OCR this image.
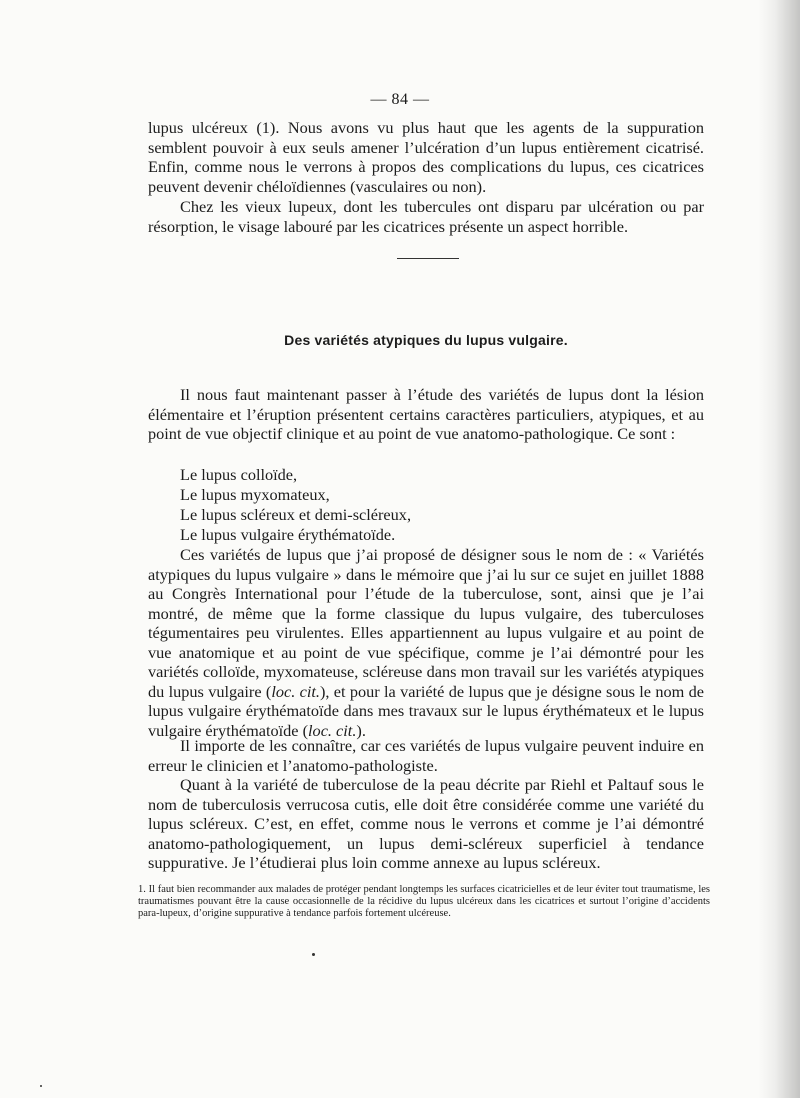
— 84 —

lupus ulcéreux (1). Nous avons vu plus haut que les agents de la suppuration semblent pouvoir à eux seuls amener l’ulcération d’un lupus entièrement cicatrisé. Enfin, comme nous le verrons à propos des complications du lupus, ces cicatrices peuvent devenir chéloïdiennes (vasculaires ou non).

Chez les vieux lupeux, dont les tubercules ont disparu par ulcération ou par résorption, le visage labouré par les cicatrices présente un aspect horrible.

Des variétés atypiques du lupus vulgaire.

Il nous faut maintenant passer à l’étude des variétés de lupus dont la lésion élémentaire et l’éruption présentent certains caractères particuliers, atypiques, et au point de vue objectif clinique et au point de vue anatomo-pathologique. Ce sont :

Le lupus colloïde,
Le lupus myxomateux,
Le lupus scléreux et demi-scléreux,
Le lupus vulgaire érythématoïde.

Ces variétés de lupus que j’ai proposé de désigner sous le nom de : « Variétés atypiques du lupus vulgaire » dans le mémoire que j’ai lu sur ce sujet en juillet 1888 au Congrès International pour l’étude de la tuberculose, sont, ainsi que je l’ai montré, de même que la forme classique du lupus vulgaire, des tuberculoses tégumentaires peu virulentes. Elles appartiennent au lupus vulgaire et au point de vue anatomique et au point de vue spécifique, comme je l’ai démontré pour les variétés colloïde, myxomateuse, scléreuse dans mon travail sur les variétés atypiques du lupus vulgaire (loc. cit.), et pour la variété de lupus que je désigne sous le nom de lupus vulgaire érythématoïde dans mes travaux sur le lupus érythémateux et le lupus vulgaire érythématoïde (loc. cit.).

Il importe de les connaître, car ces variétés de lupus vulgaire peuvent induire en erreur le clinicien et l’anatomo-pathologiste.

Quant à la variété de tuberculose de la peau décrite par Riehl et Paltauf sous le nom de tuberculosis verrucosa cutis, elle doit être considérée comme une variété du lupus scléreux. C’est, en effet, comme nous le verrons et comme je l’ai démontré anatomo-pathologiquement, un lupus demi-scléreux superficiel à tendance suppurative. Je l’étudierai plus loin comme annexe au lupus scléreux.

1. Il faut bien recommander aux malades de protéger pendant longtemps les surfaces cicatricielles et de leur éviter tout traumatisme, les traumatismes pouvant être la cause occasionnelle de la récidive du lupus ulcéreux dans les cicatrices et surtout l’origine d’accidents para-lupeux, d’origine suppurative à tendance parfois fortement ulcéreuse.
